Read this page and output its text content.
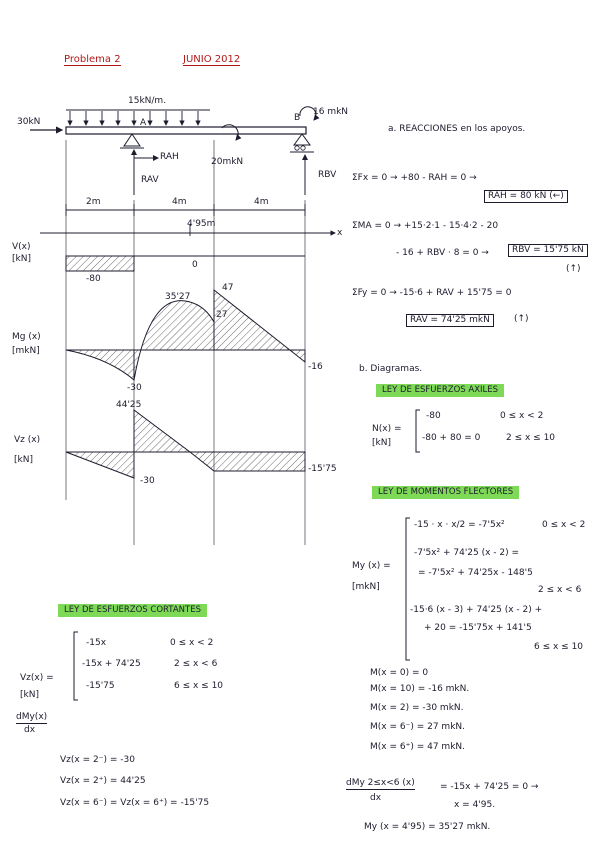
Problema 2	JUNIO 2012
30kN
15kN/m.
16 mkN
A	B
RAH
RAV	RBV
20mkN
2m	4m	4m
4'95m
x
V(x)
[kN]
-80
0
Mg (x)
[mkN]
35'27
47
27
-30
-16
Vz (x)
[kN]
44'25
-30
-15'75
a. REACCIONES en los apoyos.
ΣFx = 0 → +80 - RAH = 0 →
RAH = 80 kN (←)
ΣMA = 0 → +15·2·1 - 15·4·2 - 20
- 16 + RBV · 8 = 0 →	RBV = 15'75 kN
(↑)
ΣFy = 0 → -15·6 + RAV + 15'75 = 0
RAV = 74'25 mkN	(↑)
b. Diagramas.
LEY DE ESFUERZOS AXILES
N(x) =
[kN]
-80	0 ≤ x < 2
-80 + 80 = 0	2 ≤ x ≤ 10
LEY DE MOMENTOS FLECTORES
My (x) =
[mkN]
-15 · x · x/2 = -7'5x²	0 ≤ x < 2
-7'5x² + 74'25 (x - 2) =
= -7'5x² + 74'25x - 148'5
2 ≤ x < 6
-15·6 (x - 3) + 74'25 (x - 2) +
+ 20 = -15'75x + 141'5
6 ≤ x ≤ 10
LEY DE ESFUERZOS CORTANTES
Vz(x) =
[kN]
dMy(x)
dx
-15x	0 ≤ x < 2
-15x + 74'25	2 ≤ x < 6
-15'75	6 ≤ x ≤ 10
Vz(x = 2⁻) = -30
Vz(x = 2⁺) = 44'25
Vz(x = 6⁻) = Vz(x = 6⁺) = -15'75
M(x = 0) = 0
M(x = 10) = -16 mkN.
M(x = 2) = -30 mkN.
M(x = 6⁻) = 27 mkN.
M(x = 6⁺) = 47 mkN.
dMy 2≤x<6 (x)
dx
= -15x + 74'25 = 0 →
x = 4'95.
My (x = 4'95) = 35'27 mkN.
